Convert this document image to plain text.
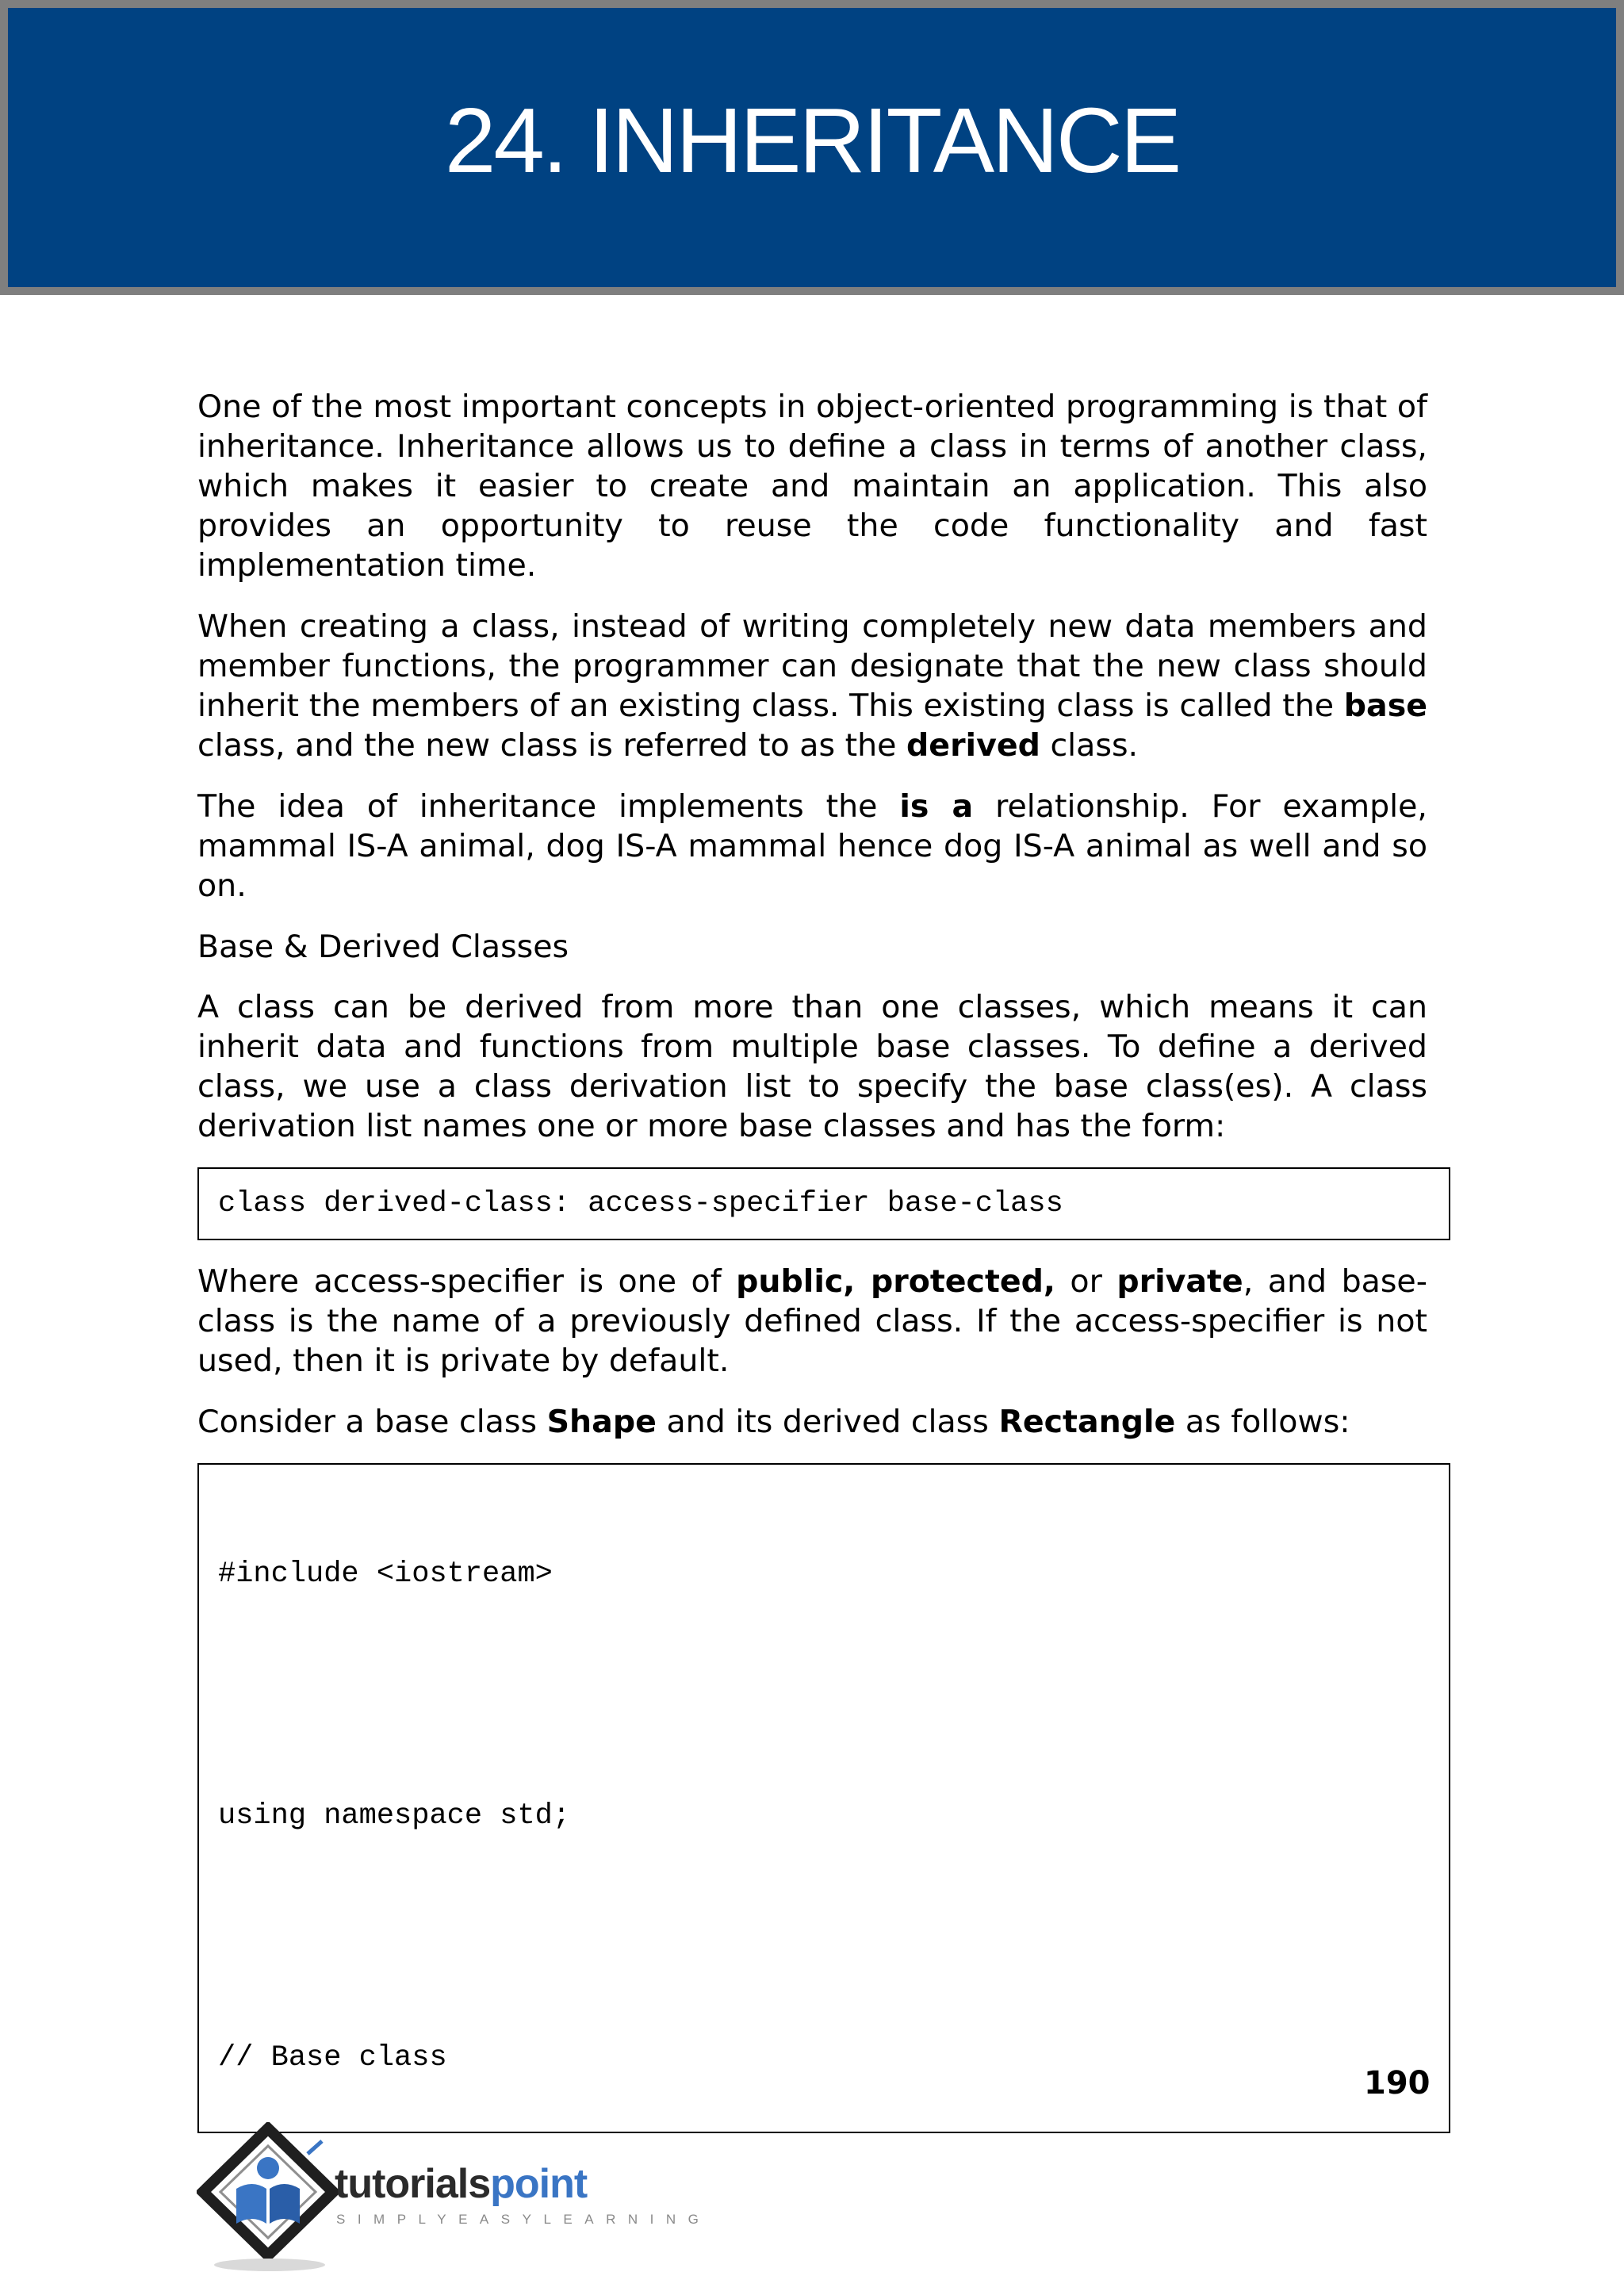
24. INHERITANCE

One of the most important concepts in object-oriented programming is that of inheritance. Inheritance allows us to define a class in terms of another class, which makes it easier to create and maintain an application. This also provides an opportunity to reuse the code functionality and fast implementation time.

When creating a class, instead of writing completely new data members and member functions, the programmer can designate that the new class should inherit the members of an existing class. This existing class is called the base class, and the new class is referred to as the derived class.

The idea of inheritance implements the is a relationship. For example, mammal IS-A animal, dog IS-A mammal hence dog IS-A animal as well and so on.

Base & Derived Classes

A class can be derived from more than one classes, which means it can inherit data and functions from multiple base classes. To define a derived class, we use a class derivation list to specify the base class(es). A class derivation list names one or more base classes and has the form:

class derived-class: access-specifier base-class

Where access-specifier is one of public, protected, or private, and base-class is the name of a previously defined class. If the access-specifier is not used, then it is private by default.

Consider a base class Shape and its derived class Rectangle as follows:

#include <iostream>

using namespace std;

// Base class

190
tutorialspoint
SIMPLYEASYLEARNING
